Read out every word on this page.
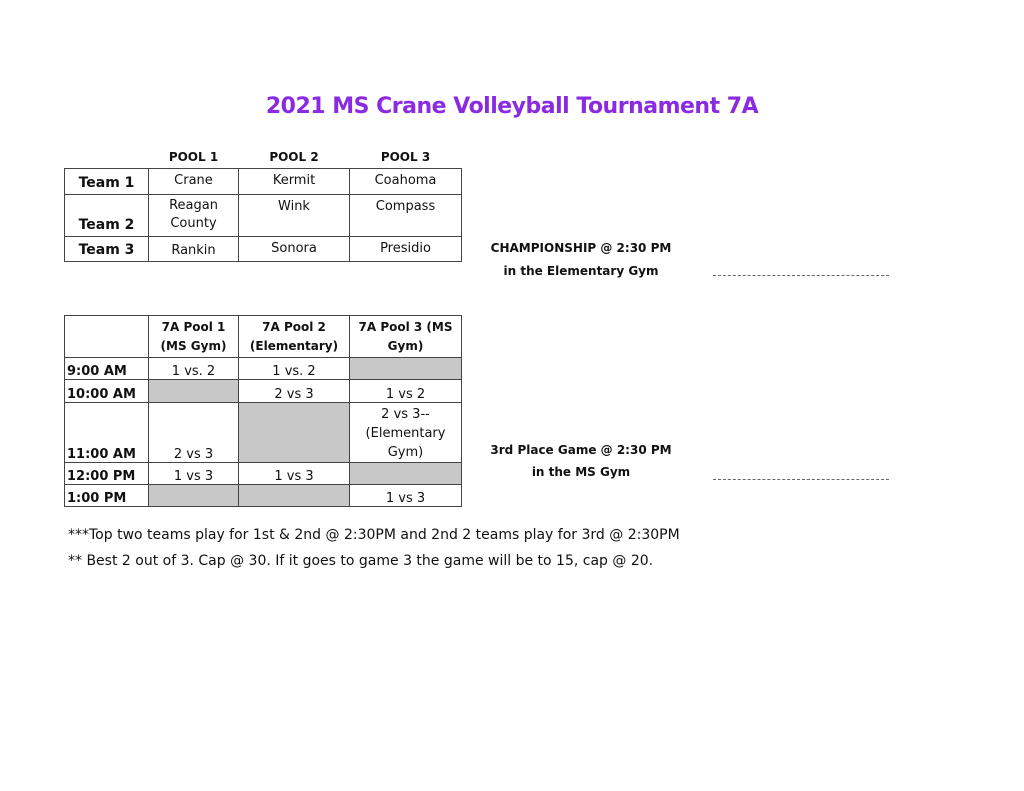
2021 MS Crane Volleyball Tournament 7A
	POOL 1	POOL 2	POOL 3
Team 1	Crane	Kermit	Coahoma
Team 2	Reagan County	Wink	Compass
Team 3	Rankin	Sonora	Presidio
	7A Pool 1 (MS Gym)	7A Pool 2 (Elementary)	7A Pool 3 (MS Gym)
9:00 AM	1 vs. 2	1 vs. 2	
10:00 AM		2 vs 3	1 vs 2
11:00 AM	2 vs 3		2 vs 3-- (Elementary Gym)
12:00 PM	1 vs 3	1 vs 3	
1:00 PM			1 vs 3
CHAMPIONSHIP @ 2:30 PM
in the Elementary Gym
3rd Place Game @ 2:30 PM
in the MS Gym
***Top two teams play for 1st & 2nd @ 2:30PM and 2nd 2 teams play for 3rd @ 2:30PM
** Best 2 out of 3. Cap @ 30. If it goes to game 3 the game will be to 15, cap @ 20.
